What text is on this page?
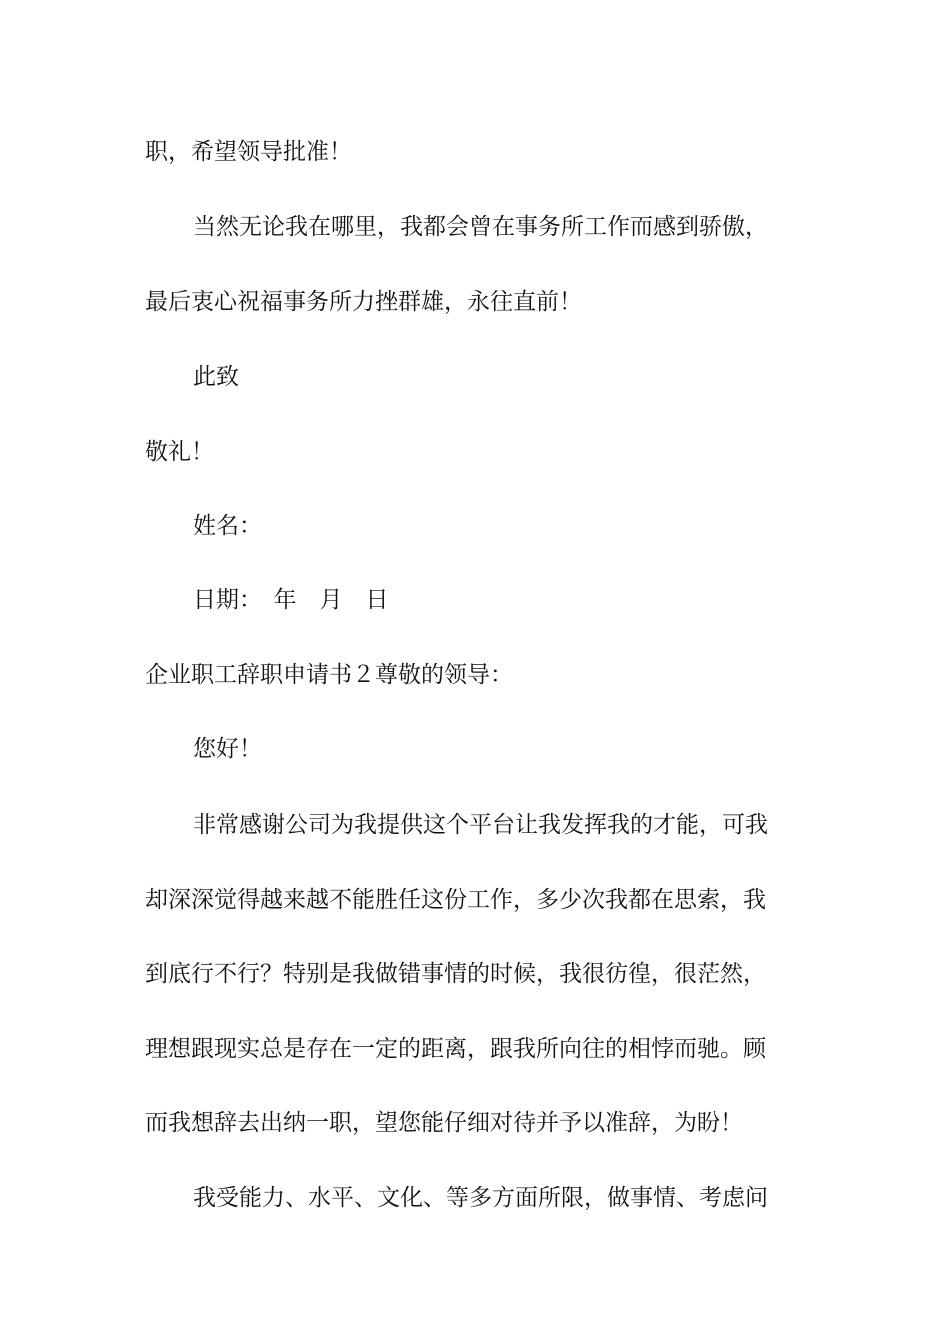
职，希望领导批准！
当然无论我在哪里，我都会曾在事务所工作而感到骄傲，
最后衷心祝福事务所力挫群雄，永往直前！
此致
敬礼！
姓名：
日期：　年　月　日
企业职工辞职申请书２尊敬的领导：
您好！
非常感谢公司为我提供这个平台让我发挥我的才能，可我
却深深觉得越来越不能胜任这份工作，多少次我都在思索，我
到底行不行？特别是我做错事情的时候，我很彷徨，很茫然，
理想跟现实总是存在一定的距离，跟我所向往的相悖而驰。顾
而我想辞去出纳一职，望您能仔细对待并予以准辞，为盼！
我受能力、水平、文化、等多方面所限，做事情、考虑问
